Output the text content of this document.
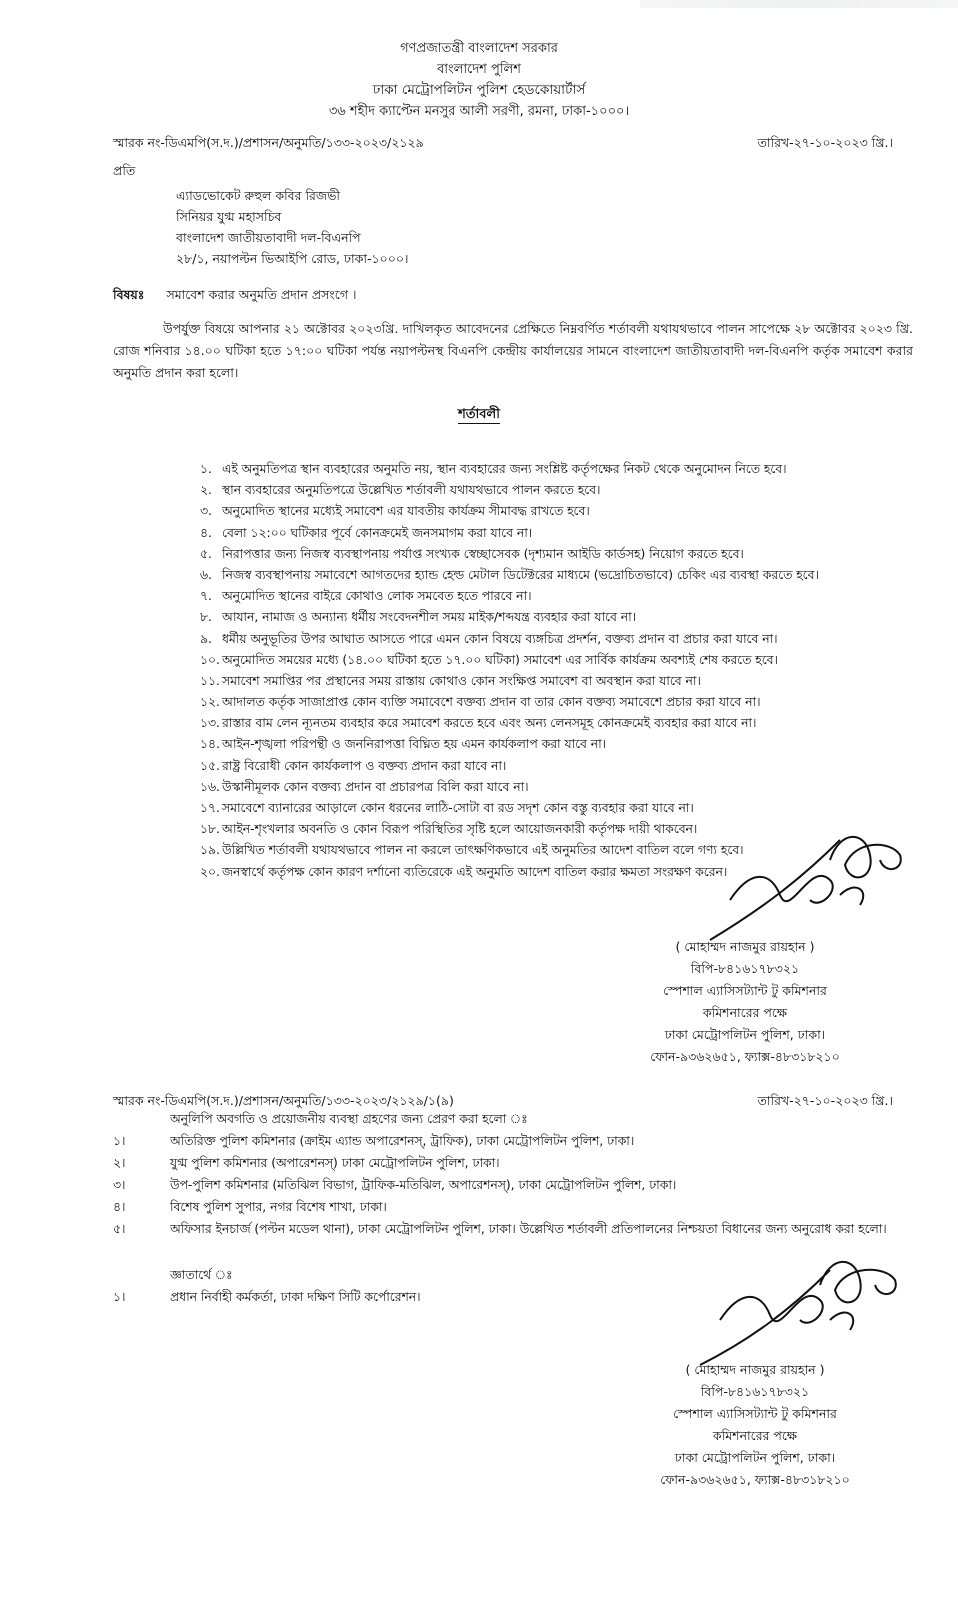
গণপ্রজাতন্ত্রী বাংলাদেশ সরকার
বাংলাদেশ পুলিশ
ঢাকা মেট্রোপলিটন পুলিশ হেডকোয়ার্টার্স
৩৬ শহীদ ক্যাপ্টেন মনসুর আলী সরণী, রমনা, ঢাকা-১০০০।
স্মারক নং-ডিএমপি(স.দ.)/প্রশাসন/অনুমতি/১৩৩-২০২৩/২১২৯	তারিখ-২৭-১০-২০২৩ খ্রি.।
প্রতি
এ্যাডভোকেট রুহুল কবির রিজভী
সিনিয়র যুগ্ম মহাসচিব
বাংলাদেশ জাতীয়তাবাদী দল-বিএনপি
২৮/১, নয়াপল্টন ভিআইপি রোড, ঢাকা-১০০০।
বিষয়ঃ সমাবেশ করার অনুমতি প্রদান প্রসংগে ।
উপর্যুক্ত বিষয়ে আপনার ২১ অক্টোবর ২০২৩খ্রি. দাখিলকৃত আবেদনের প্রেক্ষিতে নিম্নবর্ণিত শর্তাবলী যথাযথভাবে পালন সাপেক্ষে ২৮ অক্টোবর ২০২৩ খ্রি. রোজ শনিবার ১৪.০০ ঘটিকা হতে ১৭:০০ ঘটিকা পর্যন্ত নয়াপল্টনস্থ বিএনপি কেন্দ্রীয় কার্যালয়ের সামনে বাংলাদেশ জাতীয়তাবাদী দল-বিএনপি কর্তৃক সমাবেশ করার অনুমতি প্রদান করা হলো।
শর্তাবলী
১. এই অনুমতিপত্র স্থান ব্যবহারের অনুমতি নয়, স্থান ব্যবহারের জন্য সংশ্লিষ্ট কর্তৃপক্ষের নিকট থেকে অনুমোদন নিতে হবে।
২. স্থান ব্যবহারের অনুমতিপত্রে উল্লেখিত শর্তাবলী যথাযথভাবে পালন করতে হবে।
৩. অনুমোদিত স্থানের মধ্যেই সমাবেশ এর যাবতীয় কার্যক্রম সীমাবদ্ধ রাখতে হবে।
৪. বেলা ১২:০০ ঘটিকার পূর্বে কোনক্রমেই জনসমাগম করা যাবে না।
৫. নিরাপত্তার জন্য নিজস্ব ব্যবস্থাপনায় পর্যাপ্ত সংখ্যক স্বেচ্ছাসেবক (দৃশ্যমান আইডি কার্ডসহ) নিয়োগ করতে হবে।
৬. নিজস্ব ব্যবস্থাপনায় সমাবেশে আগতদের হ্যান্ড হেল্ড মেটাল ডিটেক্টরের মাধ্যমে (ভদ্রোচিতভাবে) চেকিং এর ব্যবস্থা করতে হবে।
৭. অনুমোদিত স্থানের বাইরে কোথাও লোক সমবেত হতে পারবে না।
৮. আযান, নামাজ ও অন্যান্য ধর্মীয় সংবেদনশীল সময় মাইক/শব্দযন্ত্র ব্যবহার করা যাবে না।
৯. ধর্মীয় অনুভূতির উপর আঘাত আসতে পারে এমন কোন বিষয়ে ব্যঙ্গচিত্র প্রদর্শন, বক্তব্য প্রদান বা প্রচার করা যাবে না।
১০. অনুমোদিত সময়ের মধ্যে (১৪.০০ ঘটিকা হতে ১৭.০০ ঘটিকা) সমাবেশ এর সার্বিক কার্যক্রম অবশ্যই শেষ করতে হবে।
১১. সমাবেশ সমাপ্তির পর প্রস্থানের সময় রাস্তায় কোথাও কোন সংক্ষিপ্ত সমাবেশ বা অবস্থান করা যাবে না।
১২. আদালত কর্তৃক সাজাপ্রাপ্ত কোন ব্যক্তি সমাবেশে বক্তব্য প্রদান বা তার কোন বক্তব্য সমাবেশে প্রচার করা যাবে না।
১৩. রাস্তার বাম লেন ন্যূনতম ব্যবহার করে সমাবেশ করতে হবে এবং অন্য লেনসমূহ কোনক্রমেই ব্যবহার করা যাবে না।
১৪. আইন-শৃঙ্খলা পরিপন্থী ও জননিরাপত্তা বিঘ্নিত হয় এমন কার্যকলাপ করা যাবে না।
১৫. রাষ্ট্র বিরোধী কোন কার্যকলাপ ও বক্তব্য প্রদান করা যাবে না।
১৬. উস্কানীমূলক কোন বক্তব্য প্রদান বা প্রচারপত্র বিলি করা যাবে না।
১৭. সমাবেশে ব্যানারের আড়ালে কোন ধরনের লাঠি-সোটা বা রড সদৃশ কোন বস্তু ব্যবহার করা যাবে না।
১৮. আইন-শৃংখলার অবনতি ও কোন বিরূপ পরিস্থিতির সৃষ্টি হলে আয়োজনকারী কর্তৃপক্ষ দায়ী থাকবেন।
১৯. উল্লিখিত শর্তাবলী যথাযথভাবে পালন না করলে তাৎক্ষণিকভাবে এই অনুমতির আদেশ বাতিল বলে গণ্য হবে।
২০. জনস্বার্থে কর্তৃপক্ষ কোন কারণ দর্শানো ব্যতিরেকে এই অনুমতি আদেশ বাতিল করার ক্ষমতা সংরক্ষণ করেন।
( মোহাম্মদ নাজমুর রায়হান )
বিপি-৮৪১৬১৭৮৩২১
স্পেশাল এ্যাসিসট্যান্ট টু কমিশনার
কমিশনারের পক্ষে
ঢাকা মেট্রোপলিটন পুলিশ, ঢাকা।
ফোন-৯৩৬২৬৫১, ফ্যাক্স-৪৮৩১৮২১০
স্মারক নং-ডিএমপি(স.দ.)/প্রশাসন/অনুমতি/১৩৩-২০২৩/২১২৯/১(৯)	তারিখ-২৭-১০-২০২৩ খ্রি.।
অনুলিপি অবগতি ও প্রয়োজনীয় ব্যবস্থা গ্রহণের জন্য প্রেরণ করা হলো ঃ
১।	অতিরিক্ত পুলিশ কমিশনার (ক্রাইম এ্যান্ড অপারেশনস্‌, ট্রাফিক), ঢাকা মেট্রোপলিটন পুলিশ, ঢাকা।
২।	যুগ্ম পুলিশ কমিশনার (অপারেশনস্‌) ঢাকা মেট্রোপলিটন পুলিশ, ঢাকা।
৩।	উপ-পুলিশ কমিশনার (মতিঝিল বিভাগ, ট্রাফিক-মতিঝিল, অপারেশনস্‌), ঢাকা মেট্রোপলিটন পুলিশ, ঢাকা।
৪।	বিশেষ পুলিশ সুপার, নগর বিশেষ শাখা, ঢাকা।
৫।	অফিসার ইনচার্জ (পল্টন মডেল থানা), ঢাকা মেট্রোপলিটন পুলিশ, ঢাকা। উল্লেখিত শর্তাবলী প্রতিপালনের নিশ্চয়তা বিধানের জন্য অনুরোধ করা হলো।
জ্ঞাতার্থে ঃ
১।	প্রধান নির্বাহী কর্মকর্তা, ঢাকা দক্ষিণ সিটি কর্পোরেশন।
( মোহাম্মদ নাজমুর রায়হান )
বিপি-৮৪১৬১৭৮৩২১
স্পেশাল এ্যাসিসট্যান্ট টু কমিশনার
কমিশনারের পক্ষে
ঢাকা মেট্রোপলিটন পুলিশ, ঢাকা।
ফোন-৯৩৬২৬৫১, ফ্যাক্স-৪৮৩১৮২১০
